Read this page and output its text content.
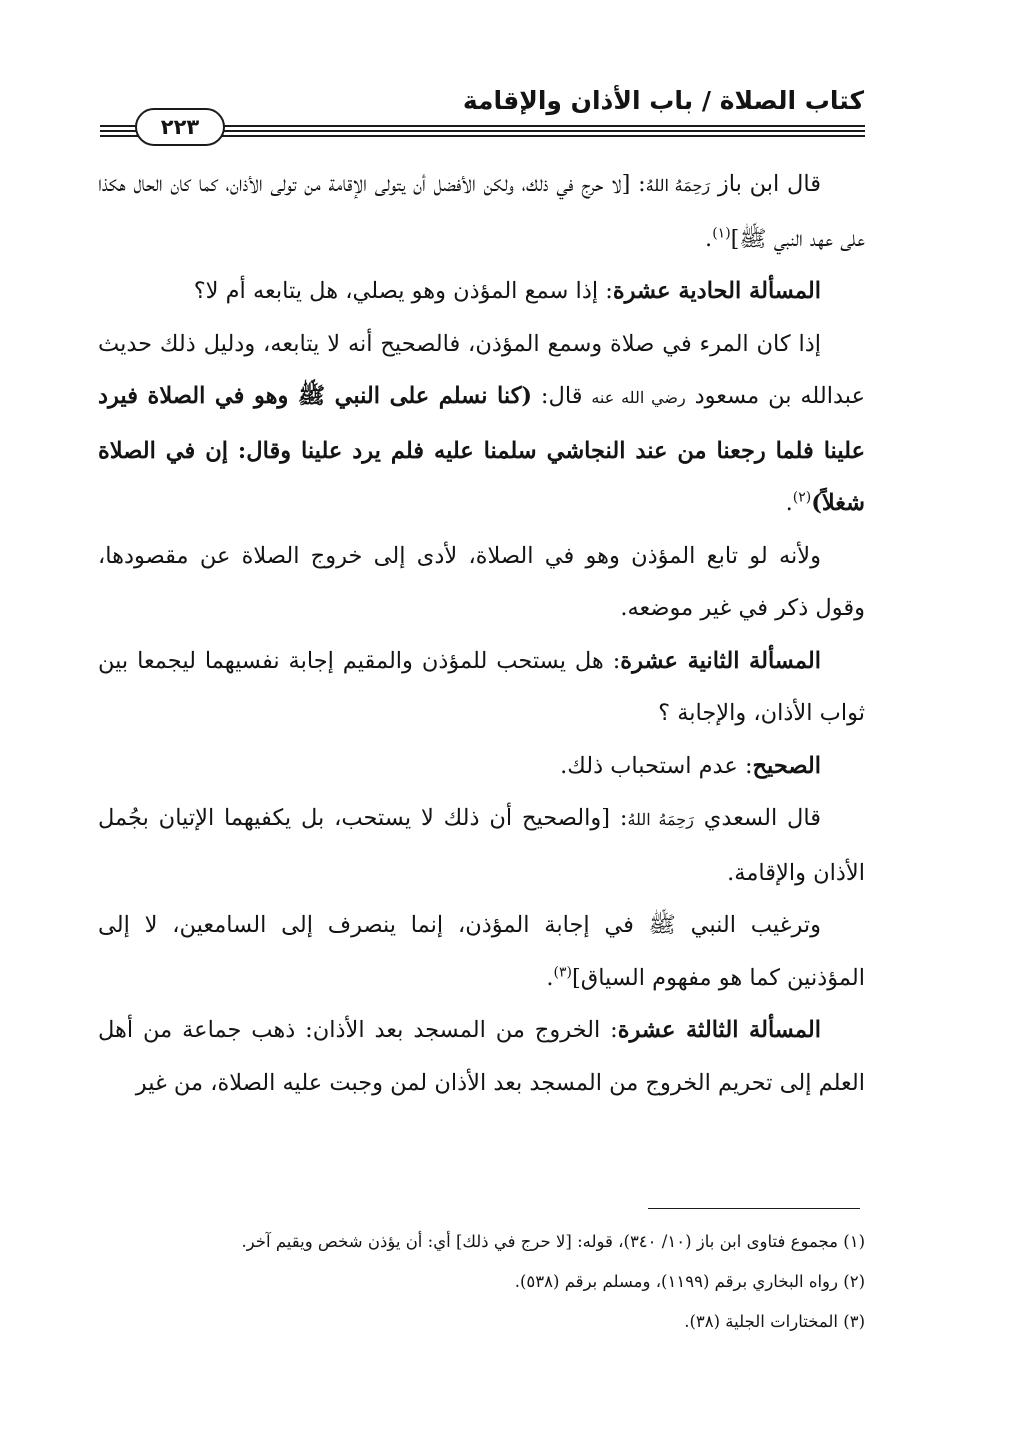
كتاب الصلاة / باب الأذان والإقامة
٢٢٣

قال ابن باز رَحِمَهُ اللهُ: [لا حرج في ذلك، ولكن الأفضل أن يتولى الإقامة من تولى الأذان، كما كان الحال هكذا على عهد النبي ﷺ]$^{(١)}$.

المسألة الحادية عشرة: إذا سمع المؤذن وهو يصلي، هل يتابعه أم لا؟

إذا كان المرء في صلاة وسمع المؤذن، فالصحيح أنه لا يتابعه، ودليل ذلك حديث عبدالله بن مسعود رضي الله عنه قال: (كنا نسلم على النبي ﷺ وهو في الصلاة فيرد علينا فلما رجعنا من عند النجاشي سلمنا عليه فلم يرد علينا وقال: إن في الصلاة شغلاً)$^{(٢)}$.

ولأنه لو تابع المؤذن وهو في الصلاة، لأدى إلى خروج الصلاة عن مقصودها، وقول ذكر في غير موضعه.

المسألة الثانية عشرة: هل يستحب للمؤذن والمقيم إجابة نفسيهما ليجمعا بين ثواب الأذان، والإجابة ؟

الصحيح: عدم استحباب ذلك.

قال السعدي رَحِمَهُ اللهُ: [والصحيح أن ذلك لا يستحب، بل يكفيهما الإتيان بجُمل الأذان والإقامة.

وترغيب النبي ﷺ في إجابة المؤذن، إنما ينصرف إلى السامعين، لا إلى المؤذنين كما هو مفهوم السياق]$^{(٣)}$.

المسألة الثالثة عشرة: الخروج من المسجد بعد الأذان: ذهب جماعة من أهل العلم إلى تحريم الخروج من المسجد بعد الأذان لمن وجبت عليه الصلاة، من غير

(١) مجموع فتاوى ابن باز (١٠/ ٣٤٠)، قوله: [لا حرج في ذلك] أي: أن يؤذن شخص ويقيم آخر.

(٢) رواه البخاري برقم (١١٩٩)، ومسلم برقم (٥٣٨).

(٣) المختارات الجلية (٣٨).
